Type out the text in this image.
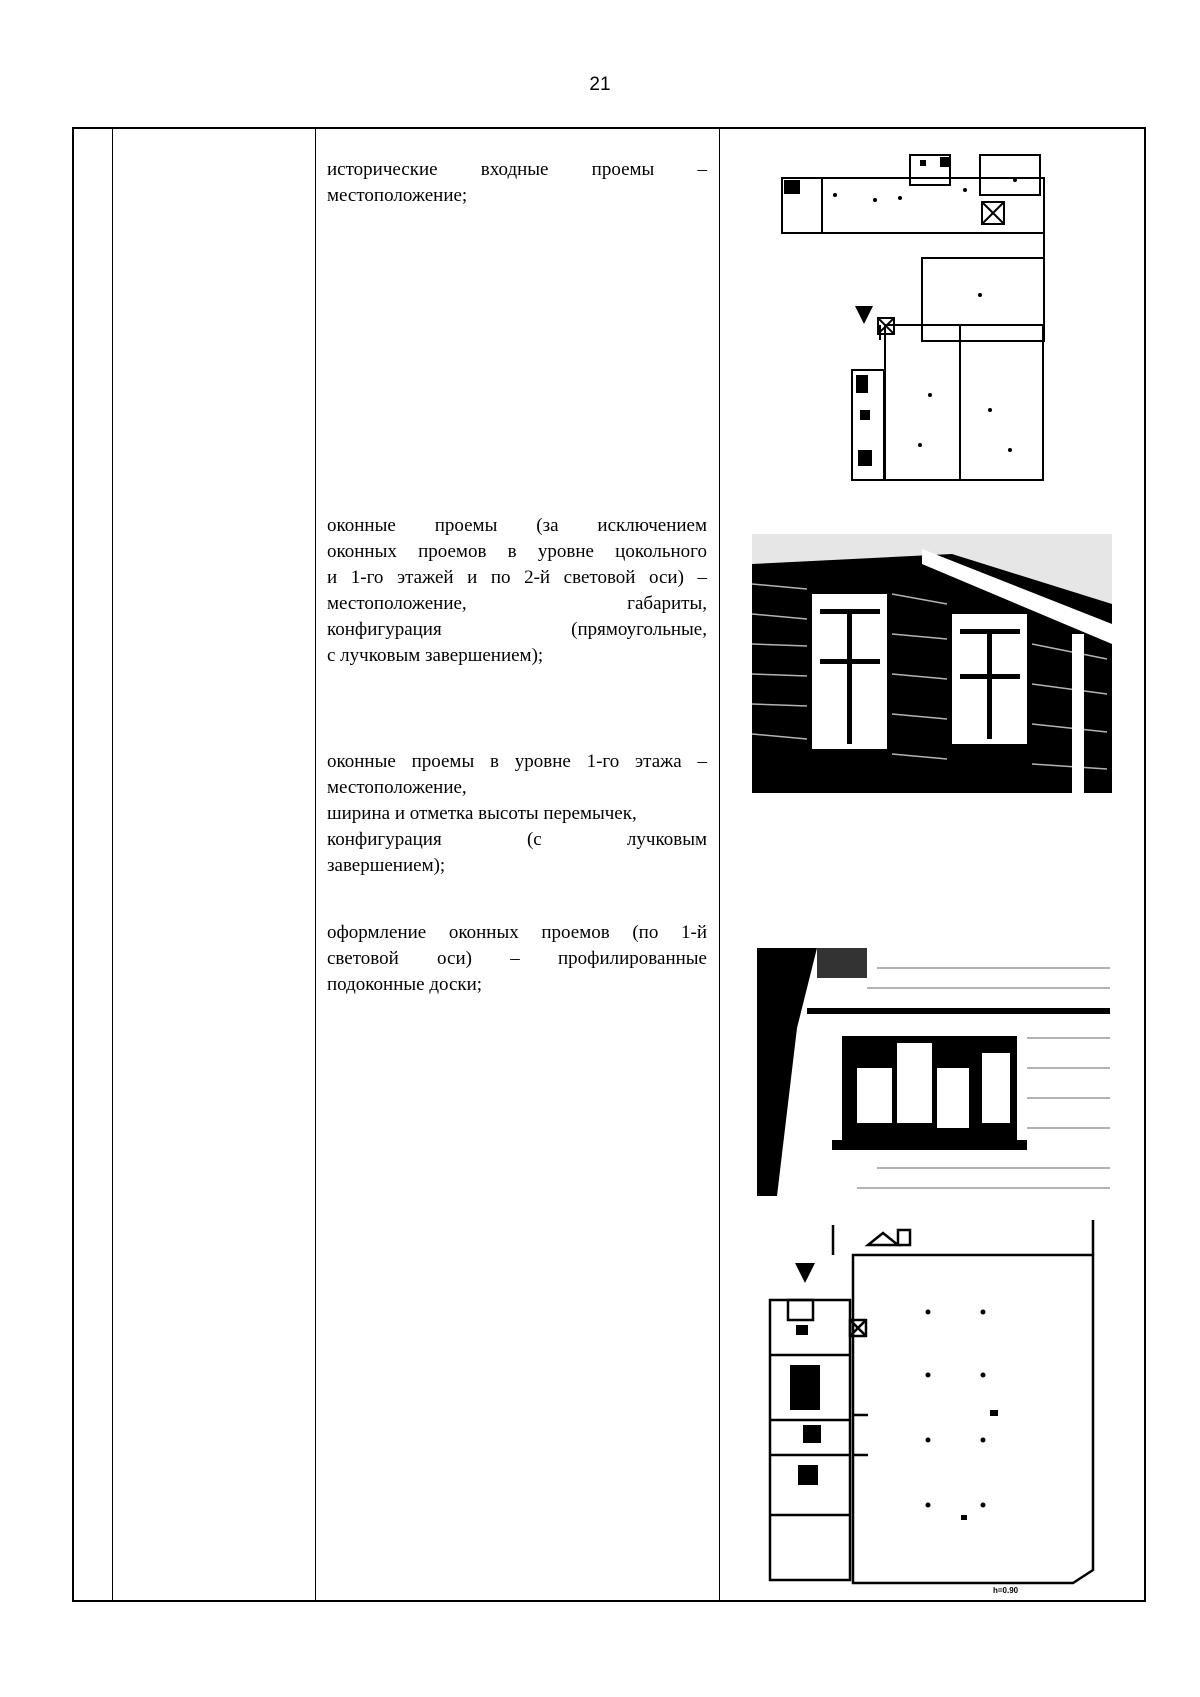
21
исторические входные проемы –
местоположение;
оконные проемы (за исключением
оконных проемов в уровне цокольного
и 1-го этажей и по 2-й световой оси) –
местоположение, габариты,
конфигурация (прямоугольные,
с лучковым завершением);
оконные проемы в уровне 1-го этажа –
местоположение,
ширина и отметка высоты перемычек,
конфигурация (с лучковым
завершением);
оформление оконных проемов (по 1-й
световой оси) – профилированные
подоконные доски;
h=0.90
